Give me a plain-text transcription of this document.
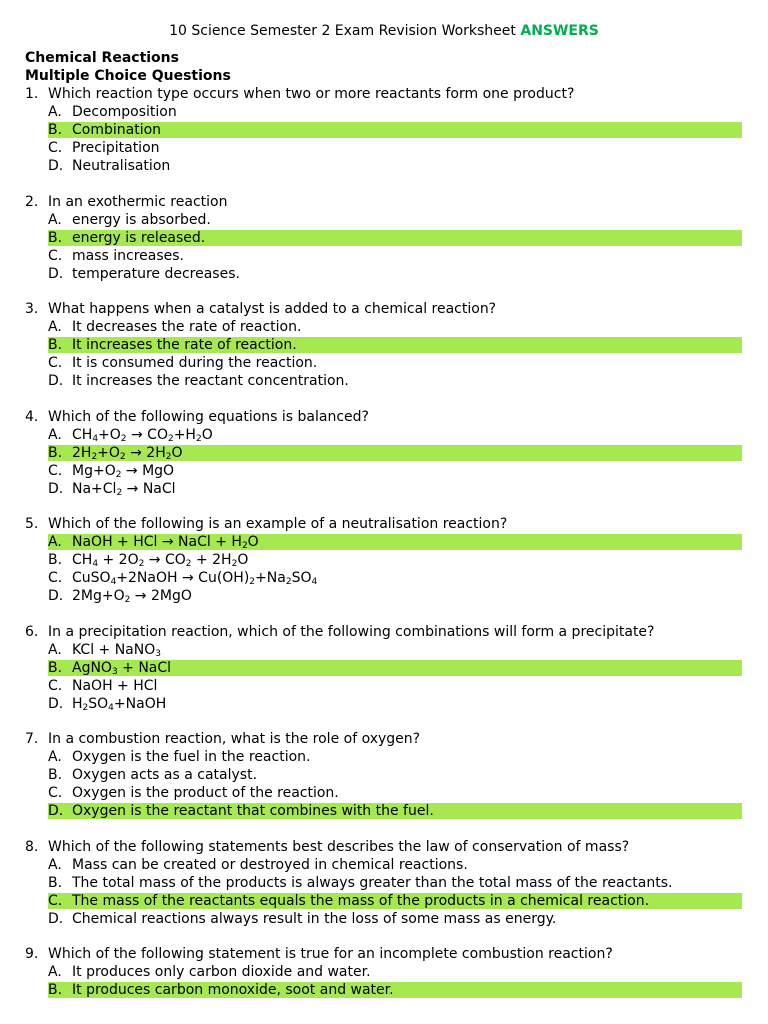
10 Science Semester 2 Exam Revision Worksheet ANSWERS
Chemical Reactions
Multiple Choice Questions
1. Which reaction type occurs when two or more reactants form one product?
A. Decomposition
B. Combination
C. Precipitation
D. Neutralisation
2. In an exothermic reaction
A. energy is absorbed.
B. energy is released.
C. mass increases.
D. temperature decreases.
3. What happens when a catalyst is added to a chemical reaction?
A. It decreases the rate of reaction.
B. It increases the rate of reaction.
C. It is consumed during the reaction.
D. It increases the reactant concentration.
4. Which of the following equations is balanced?
A. $CH_4+O_2 \to CO_2+H_2O$
B. $2H_2+O_2 \to 2H_2O$
C. $Mg+O_2$ → MgO
D. $Na+Cl_2$ → NaCl
5. Which of the following is an example of a neutralisation reaction?
A. NaOH + HCl → NaCl + $H_2O$
B. $CH_4 + 2O_2 \to CO_2 + 2H_2O$
C. CuSO$_4$+2NaOH → $Cu(OH)_2+Na_2SO_4$
D. $2Mg+O_2 \to 2MgO$
6. In a precipitation reaction, which of the following combinations will form a precipitate?
A. KCl + NaNO$_3$
B. AgNO$_3$ + NaCl
C. NaOH + HCl
D. $H_2SO_4+NaOH$
7. In a combustion reaction, what is the role of oxygen?
A. Oxygen is the fuel in the reaction.
B. Oxygen acts as a catalyst.
C. Oxygen is the product of the reaction.
D. Oxygen is the reactant that combines with the fuel.
8. Which of the following statements best describes the law of conservation of mass?
A. Mass can be created or destroyed in chemical reactions.
B. The total mass of the products is always greater than the total mass of the reactants.
C. The mass of the reactants equals the mass of the products in a chemical reaction.
D. Chemical reactions always result in the loss of some mass as energy.
9. Which of the following statement is true for an incomplete combustion reaction?
A. It produces only carbon dioxide and water.
B. It produces carbon monoxide, soot and water.
